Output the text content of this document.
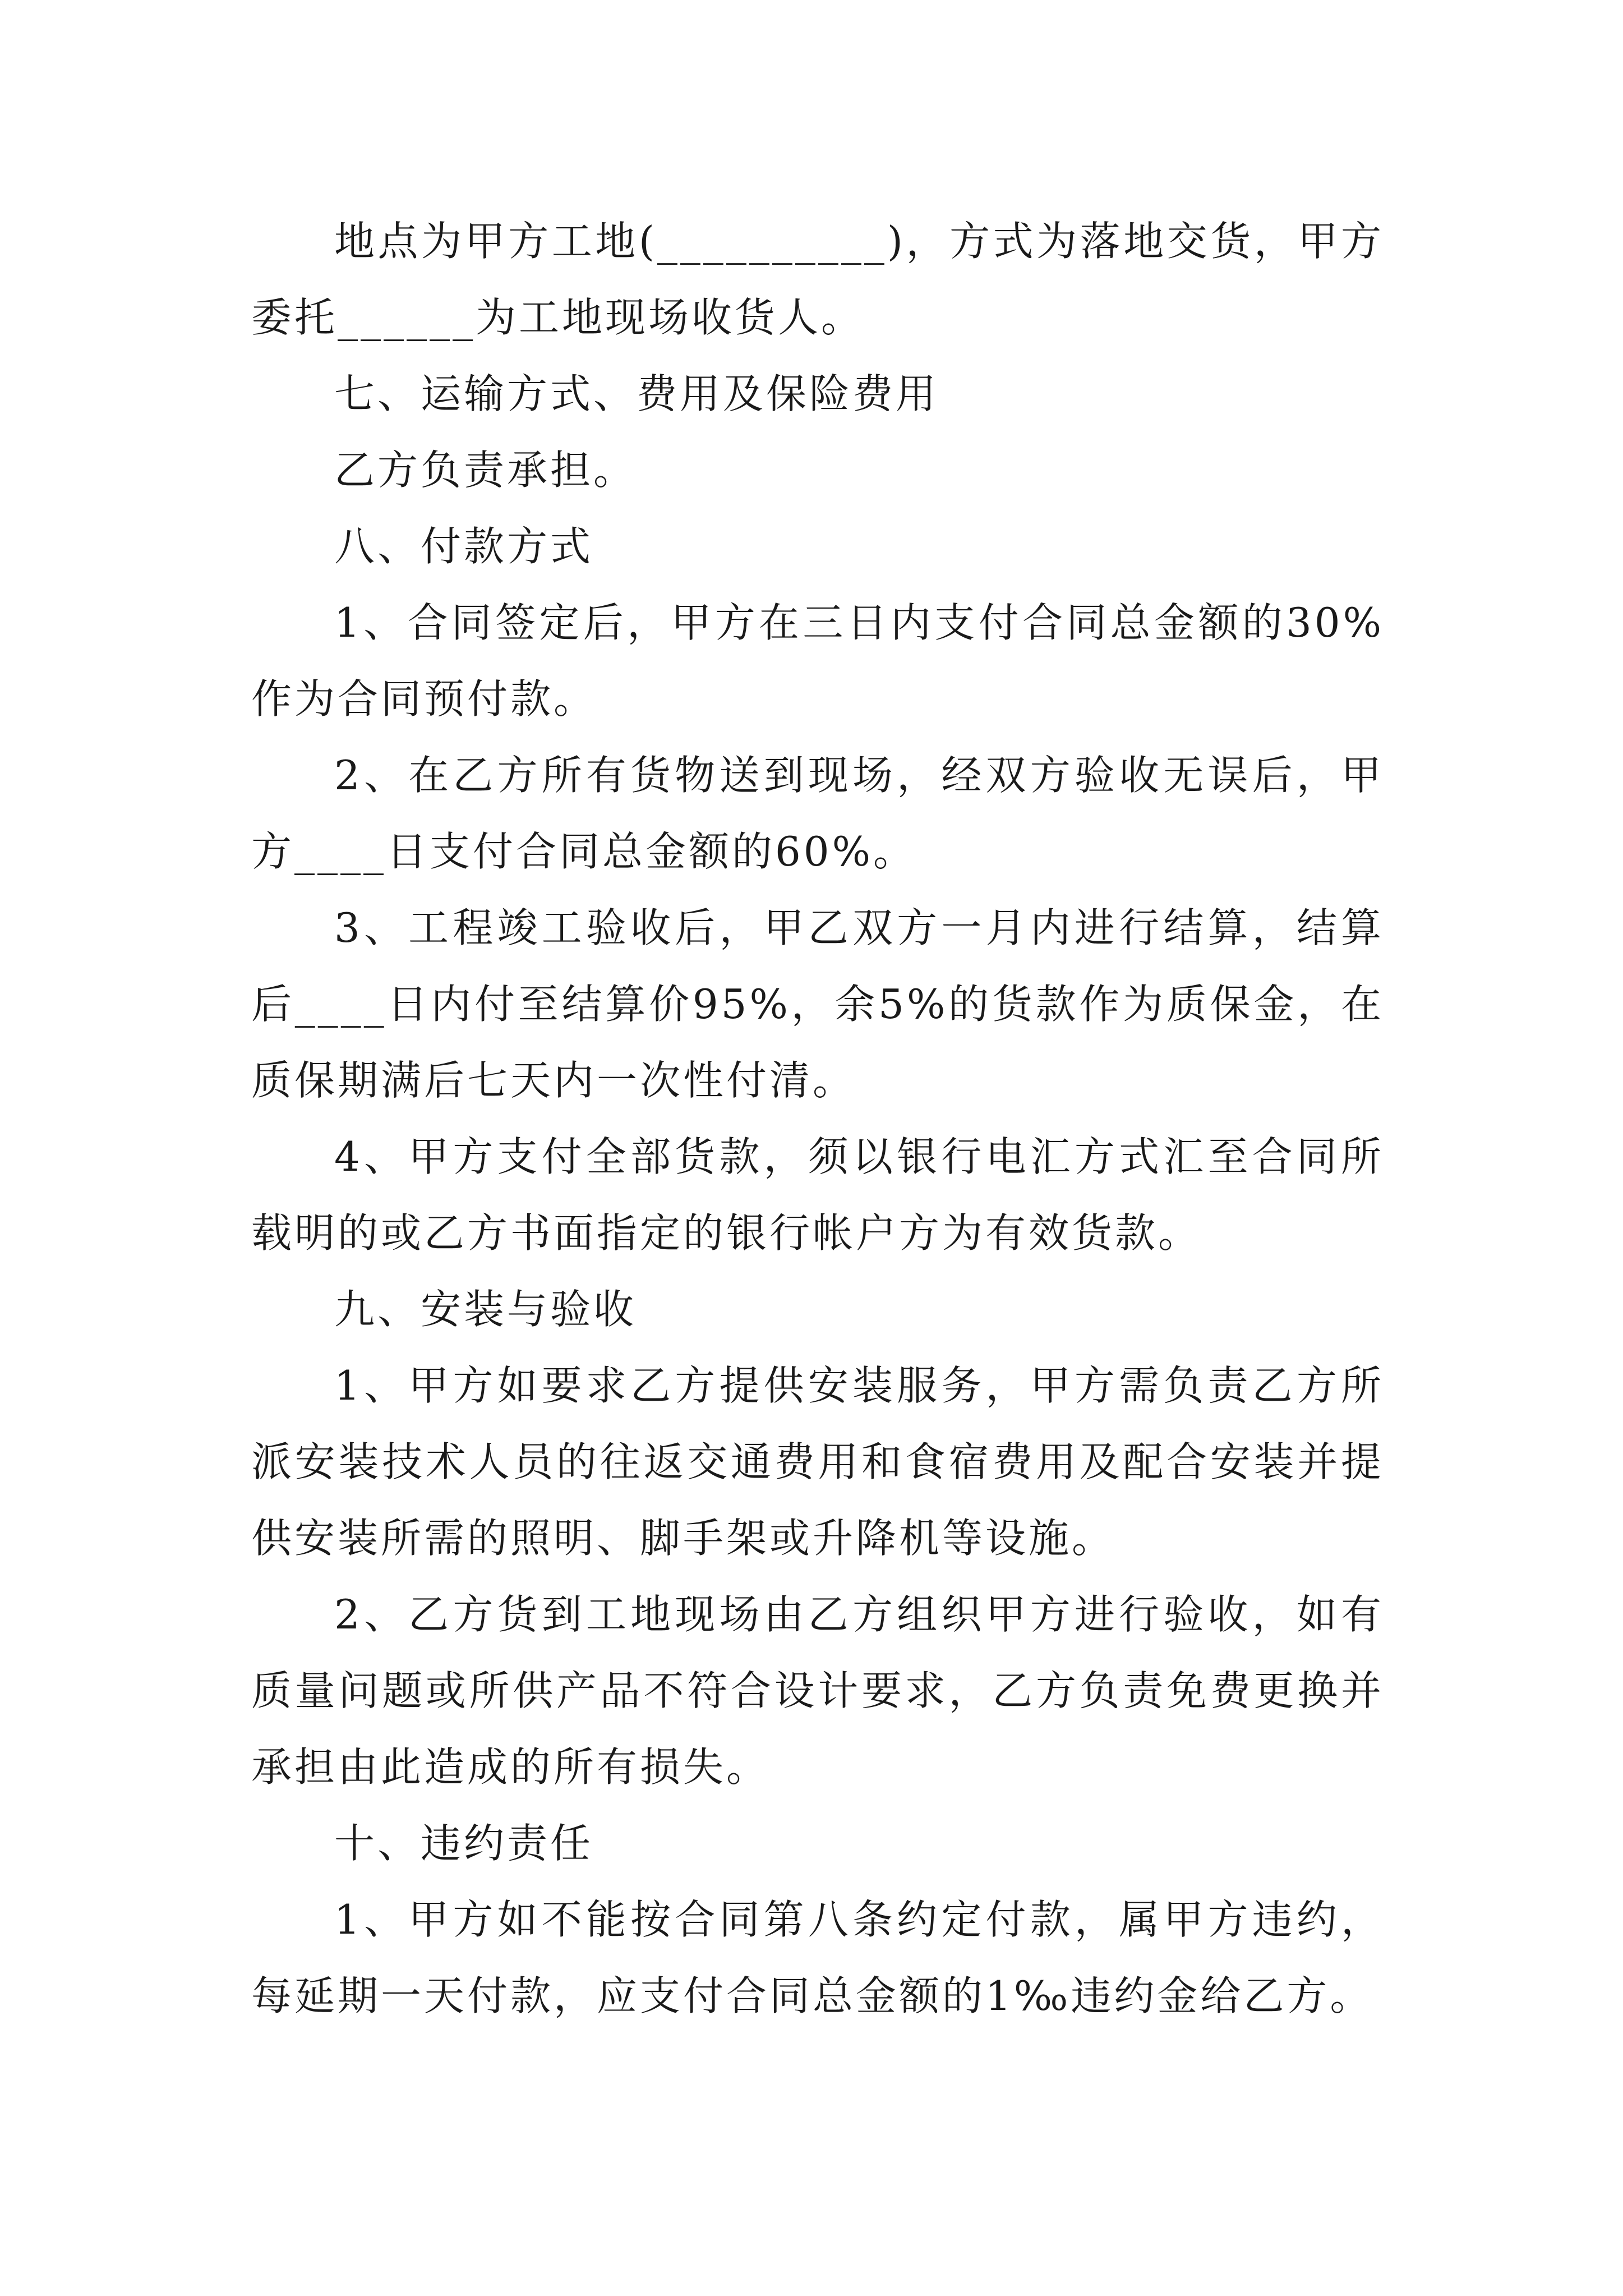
地点为甲方工地(__________)，方式为落地交货，甲方委托______为工地现场收货人。

七、运输方式、费用及保险费用

乙方负责承担。

八、付款方式

1、合同签定后，甲方在三日内支付合同总金额的30%作为合同预付款。

2、在乙方所有货物送到现场，经双方验收无误后，甲方____日支付合同总金额的60%。

3、工程竣工验收后，甲乙双方一月内进行结算，结算后____日内付至结算价95%，余5%的货款作为质保金，在质保期满后七天内一次性付清。

4、甲方支付全部货款，须以银行电汇方式汇至合同所载明的或乙方书面指定的银行帐户方为有效货款。

九、安装与验收

1、甲方如要求乙方提供安装服务，甲方需负责乙方所派安装技术人员的往返交通费用和食宿费用及配合安装并提供安装所需的照明、脚手架或升降机等设施。

2、乙方货到工地现场由乙方组织甲方进行验收，如有质量问题或所供产品不符合设计要求，乙方负责免费更换并承担由此造成的所有损失。

十、违约责任

1、甲方如不能按合同第八条约定付款，属甲方违约，每延期一天付款，应支付合同总金额的1‰违约金给乙方。
